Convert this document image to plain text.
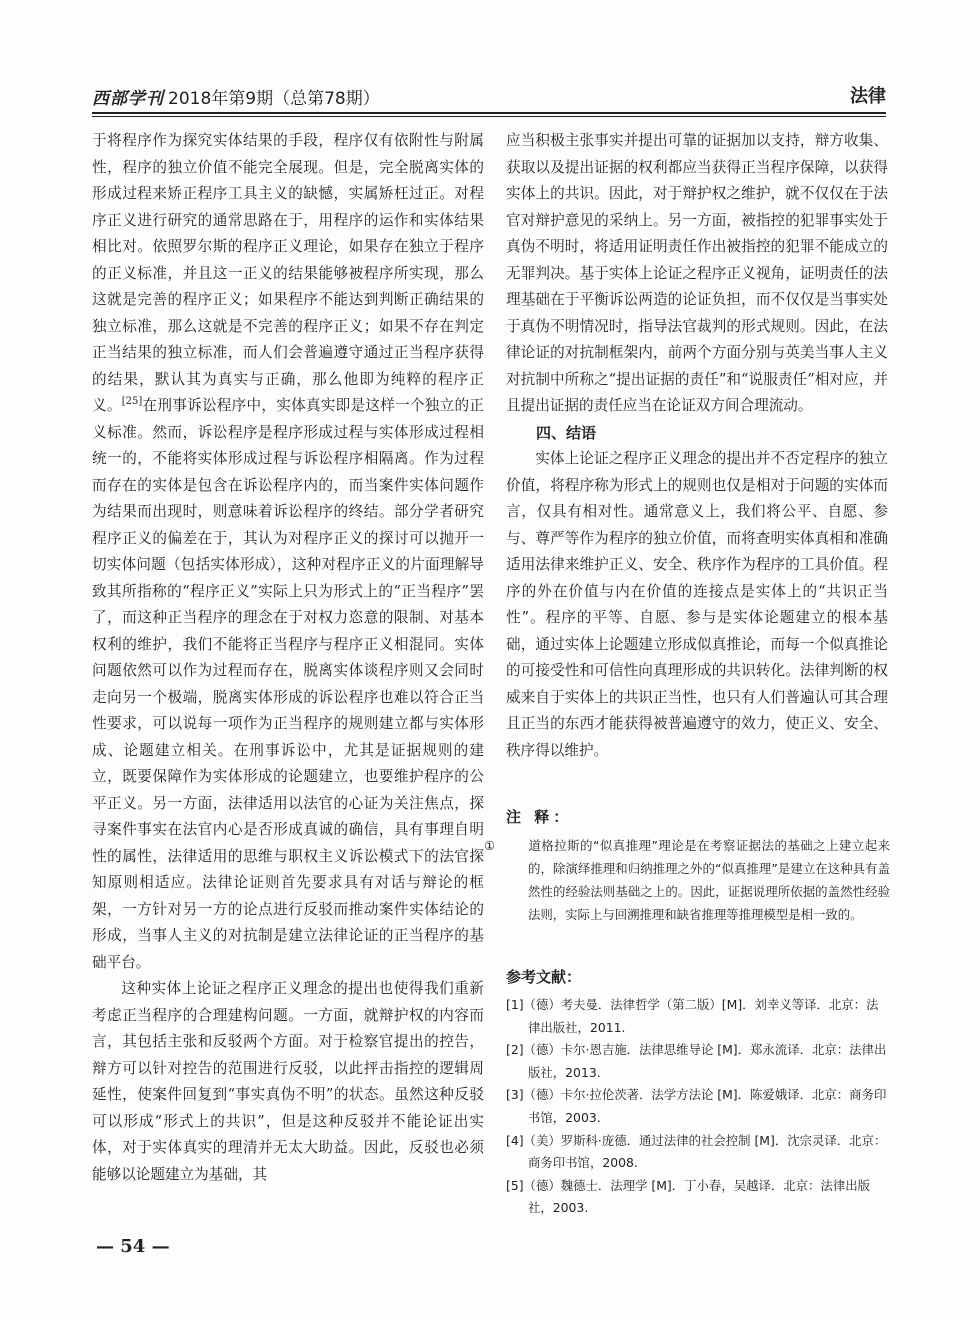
西部学刊 2018年第9期（总第78期）	法律

于将程序作为探究实体结果的手段，程序仅有依附性与附属性，程序的独立价值不能完全展现。但是，完全脱离实体的形成过程来矫正程序工具主义的缺憾，实属矫枉过正。对程序正义进行研究的通常思路在于，用程序的运作和实体结果相比对。依照罗尔斯的程序正义理论，如果存在独立于程序的正义标准，并且这一正义的结果能够被程序所实现，那么这就是完善的程序正义；如果程序不能达到判断正确结果的独立标准，那么这就是不完善的程序正义；如果不存在判定正当结果的独立标准，而人们会普遍遵守通过正当程序获得的结果，默认其为真实与正确，那么他即为纯粹的程序正义。[25]在刑事诉讼程序中，实体真实即是这样一个独立的正义标准。然而，诉讼程序是程序形成过程与实体形成过程相统一的，不能将实体形成过程与诉讼程序相隔离。作为过程而存在的实体是包含在诉讼程序内的，而当案件实体问题作为结果而出现时，则意味着诉讼程序的终结。部分学者研究程序正义的偏差在于，其认为对程序正义的探讨可以抛开一切实体问题（包括实体形成），这种对程序正义的片面理解导致其所指称的“程序正义”实际上只为形式上的“正当程序”罢了，而这种正当程序的理念在于对权力恣意的限制、对基本权利的维护，我们不能将正当程序与程序正义相混同。实体问题依然可以作为过程而存在，脱离实体谈程序则又会同时走向另一个极端，脱离实体形成的诉讼程序也难以符合正当性要求，可以说每一项作为正当程序的规则建立都与实体形成、论题建立相关。在刑事诉讼中，尤其是证据规则的建立，既要保障作为实体形成的论题建立，也要维护程序的公平正义。另一方面，法律适用以法官的心证为关注焦点，探寻案件事实在法官内心是否形成真诚的确信，具有事理自明性的属性，法律适用的思维与职权主义诉讼模式下的法官探知原则相适应。法律论证则首先要求具有对话与辩论的框架，一方针对另一方的论点进行反驳而推动案件实体结论的形成，当事人主义的对抗制是建立法律论证的正当程序的基础平台。

这种实体上论证之程序正义理念的提出也使得我们重新考虑正当程序的合理建构问题。一方面，就辩护权的内容而言，其包括主张和反驳两个方面。对于检察官提出的控告，辩方可以针对控告的范围进行反驳，以此抨击指控的逻辑周延性，使案件回复到“事实真伪不明”的状态。虽然这种反驳可以形成“形式上的共识”，但是这种反驳并不能论证出实体，对于实体真实的理清并无太大助益。因此，反驳也必须能够以论题建立为基础，其

应当积极主张事实并提出可靠的证据加以支持，辩方收集、获取以及提出证据的权利都应当获得正当程序保障，以获得实体上的共识。因此，对于辩护权之维护，就不仅仅在于法官对辩护意见的采纳上。另一方面，被指控的犯罪事实处于真伪不明时，将适用证明责任作出被指控的犯罪不能成立的无罪判决。基于实体上论证之程序正义视角，证明责任的法理基础在于平衡诉讼两造的论证负担，而不仅仅是当事实处于真伪不明情况时，指导法官裁判的形式规则。因此，在法律论证的对抗制框架内，前两个方面分别与英美当事人主义对抗制中所称之“提出证据的责任”和“说服责任”相对应，并且提出证据的责任应当在论证双方间合理流动。

四、结语

实体上论证之程序正义理念的提出并不否定程序的独立价值，将程序称为形式上的规则也仅是相对于问题的实体而言，仅具有相对性。通常意义上，我们将公平、自愿、参与、尊严等作为程序的独立价值，而将查明实体真相和准确适用法律来维护正义、安全、秩序作为程序的工具价值。程序的外在价值与内在价值的连接点是实体上的“共识正当性”。程序的平等、自愿、参与是实体论题建立的根本基础，通过实体上论题建立形成似真推论，而每一个似真推论的可接受性和可信性向真理形成的共识转化。法律判断的权威来自于实体上的共识正当性，也只有人们普遍认可其合理且正当的东西才能获得被普遍遵守的效力，使正义、安全、秩序得以维护。

注 释：
①	道格拉斯的“似真推理”理论是在考察证据法的基础之上建立起来的，除演绎推理和归纳推理之外的“似真推理”是建立在这种具有盖然性的经验法则基础之上的。因此，证据说理所依据的盖然性经验法则，实际上与回溯推理和缺省推理等推理模型是相一致的。
参考文献：

[1]（德）考夫曼．法律哲学（第二版）[M]．刘幸义等译．北京：法律出版社，2011.

[2]（德）卡尔·恩吉施．法律思维导论 [M]．郑永流译．北京：法律出版社，2013.

[3]（德）卡尔·拉伦茨著．法学方法论 [M]．陈爱娥译．北京：商务印书馆，2003.

[4]（美）罗斯科·庞德．通过法律的社会控制 [M]．沈宗灵译．北京：商务印书馆，2008.

[5]（德）魏德士．法理学 [M]．丁小春，吴越译．北京：法律出版社，2003.

— 54 —
